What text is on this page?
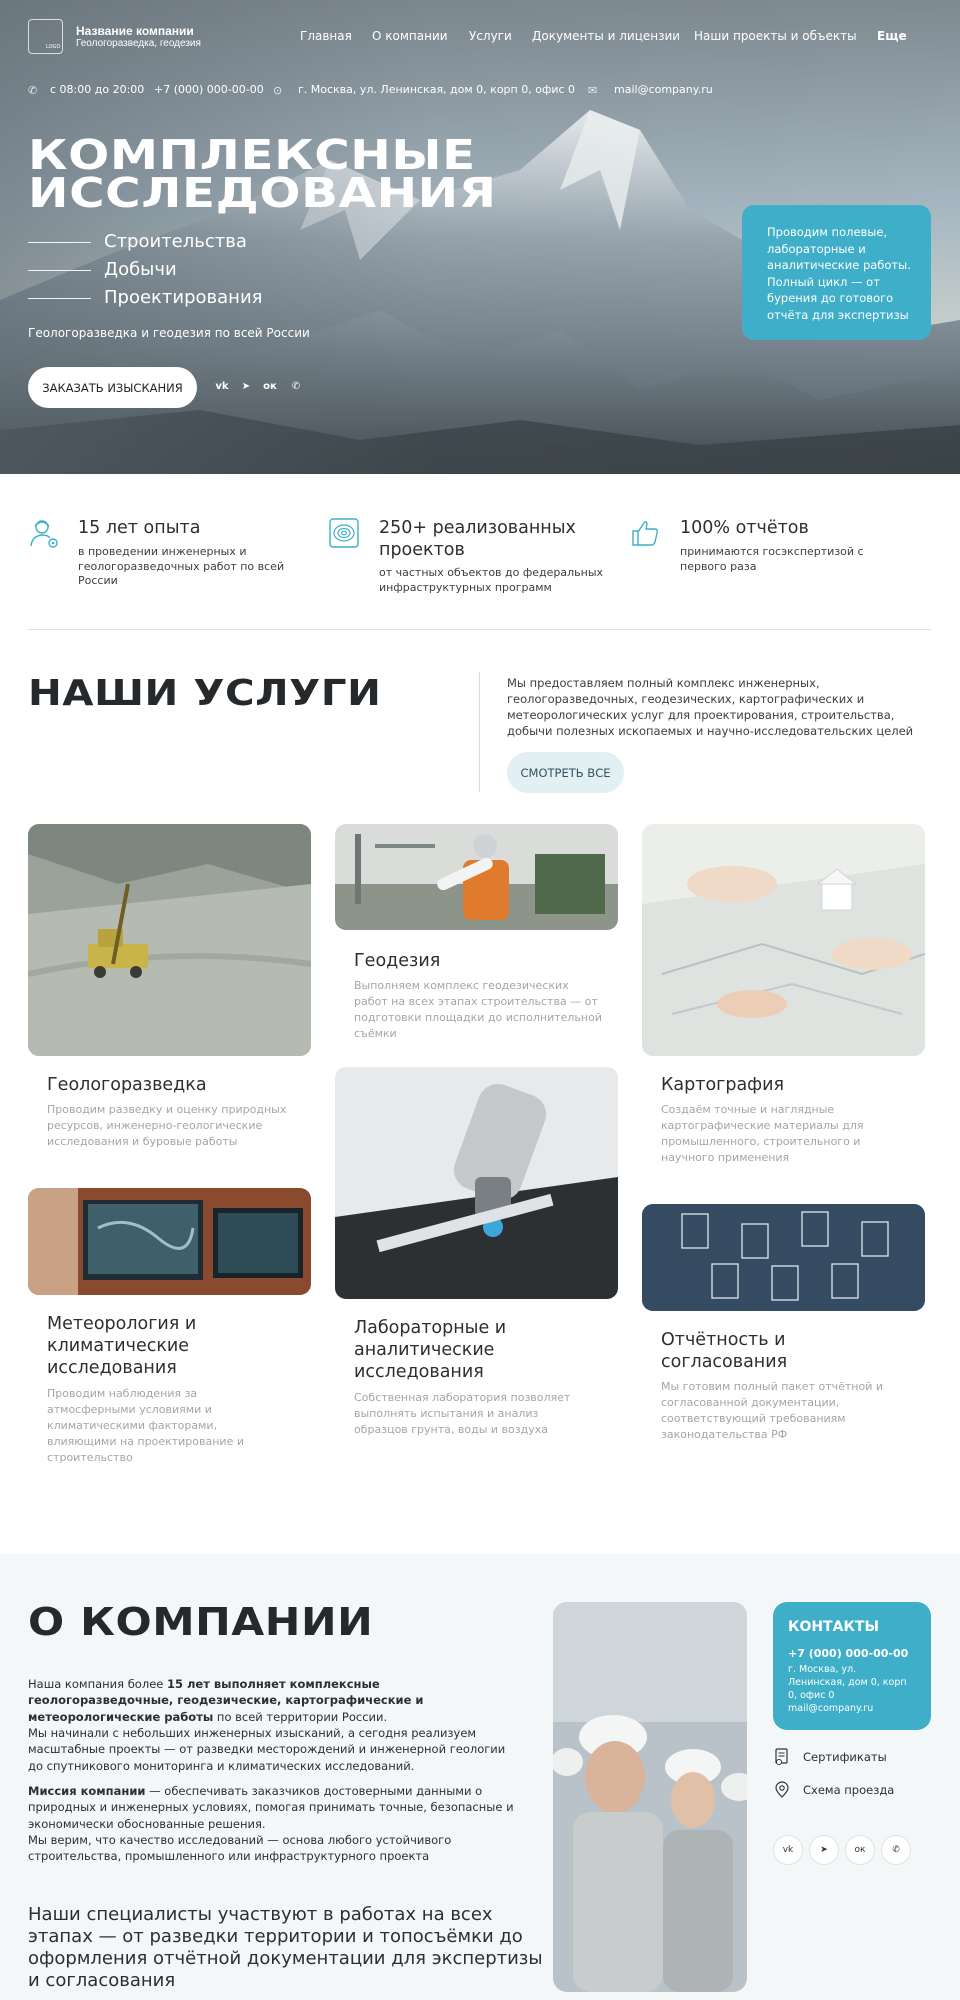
LOGO
Название компании
Геологоразведка, геодезия
Главная О компании Услуги Документы и лицензии Наши проекты и объекты Еще
✆ с 08:00 до 20:00 +7 (000) 000-00-00 ⊙ г. Москва, ул. Ленинская, дом 0, корп 0, офис 0 ✉ mail@company.ru
КОМПЛЕКСНЫЕ
ИССЛЕДОВАНИЯ
Строительства
Добычи
Проектирования
Геологоразведка и геодезия по всей России
ЗАКАЗАТЬ ИЗЫСКАНИЯ	vk	➤	ок	✆
Проводим полевые, лабораторные и аналитические работы. Полный цикл — от бурения до готового отчёта для экспертизы
15 лет опыта
в проведении инженерных и геологоразведочных работ по всей России
250+ реализованных проектов
от частных объектов до федеральных инфраструктурных программ
100% отчётов
принимаются госэкспертизой с первого раза
НАШИ УСЛУГИ	Мы предоставляем полный комплекс инженерных, геологоразведочных, геодезических, картографических и метеорологических услуг для проектирования, строительства, добычи полезных ископаемых и научно-исследовательских целей
СМОТРЕТЬ ВСЕ
Геологоразведка
Проводим разведку и оценку природных ресурсов, инженерно-геологические исследования и буровые работы
Геодезия
Выполняем комплекс геодезических работ на всех этапах строительства — от подготовки площадки до исполнительной съёмки
Картография
Создаём точные и наглядные картографические материалы для промышленного, строительного и научного применения
Метеорология и климатические исследования
Проводим наблюдения за атмосферными условиями и климатическими факторами, влияющими на проектирование и строительство
Лабораторные и аналитические исследования
Собственная лаборатория позволяет выполнять испытания и анализ образцов грунта, воды и воздуха
Отчётность и согласования
Мы готовим полный пакет отчётной и согласованной документации, соответствующий требованиям законодательства РФ
О КОМПАНИИ
Наша компания более 15 лет выполняет комплексные геологоразведочные, геодезические, картографические и метеорологические работы по всей территории России.
Мы начинали с небольших инженерных изысканий, а сегодня реализуем масштабные проекты — от разведки месторождений и инженерной геологии до спутникового мониторинга и климатических исследований.
Миссия компании — обеспечивать заказчиков достоверными данными о природных и инженерных условиях, помогая принимать точные, безопасные и экономически обоснованные решения.
Мы верим, что качество исследований — основа любого устойчивого строительства, промышленного или инфраструктурного проекта
Наши специалисты участвуют в работах на всех этапах — от разведки территории и топосъёмки до оформления отчётной документации для экспертизы и согласования
КОНТАКТЫ
+7 (000) 000-00-00
г. Москва, ул. Ленинская, дом 0, корп 0, офис 0
mail@company.ru
Сертификаты
Схема проезда
vk	➤	ок	✆
